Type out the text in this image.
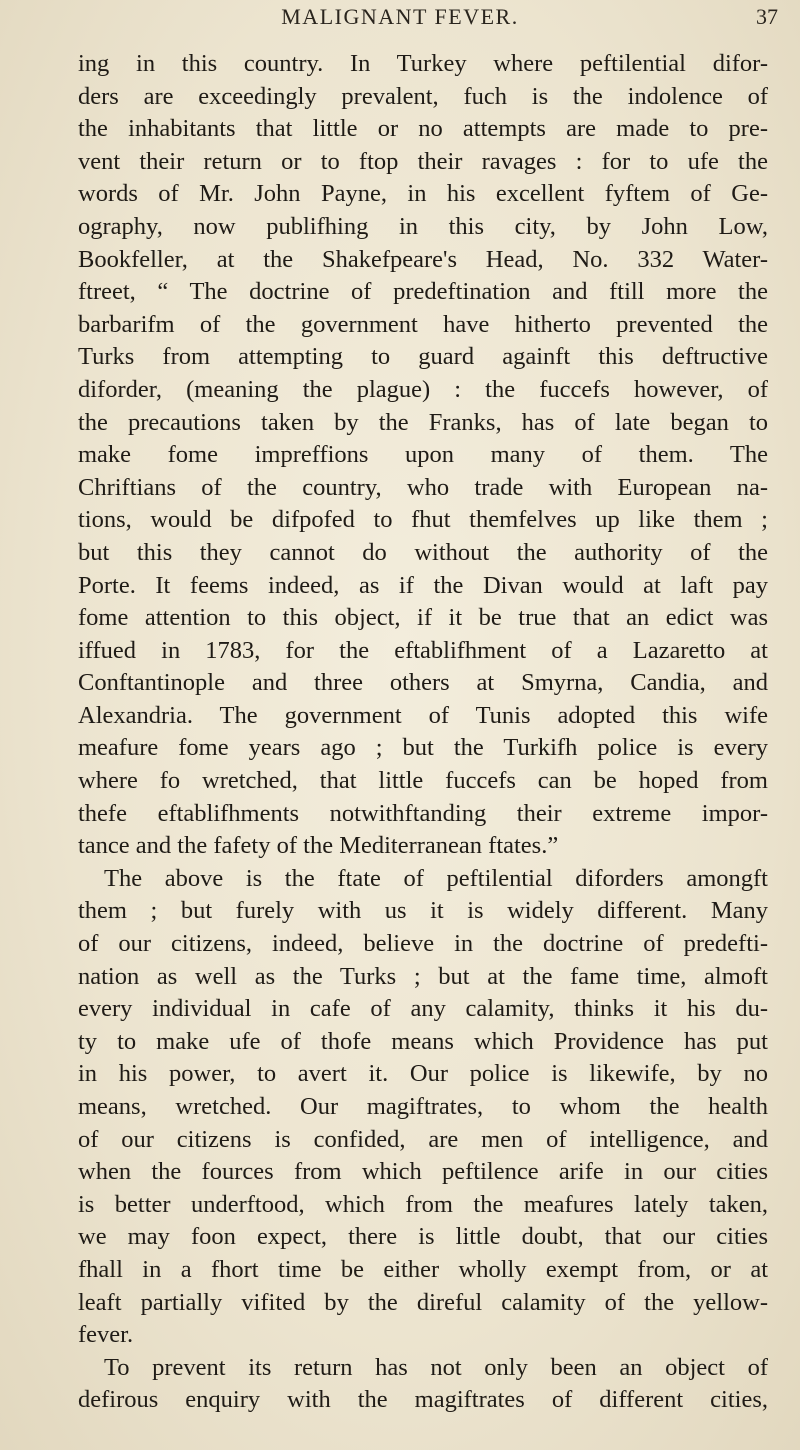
MALIGNANT FEVER.	37
ing in this country. In Turkey where peftilential difor-
ders are exceedingly prevalent, fuch is the indolence of
the inhabitants that little or no attempts are made to pre-
vent their return or to ftop their ravages : for to ufe the
words of Mr. John Payne, in his excellent fyftem of Ge-
ography, now publifhing in this city, by John Low,
Bookfeller, at the Shakefpeare's Head, No. 332 Water-
ftreet, “ The doctrine of predeftination and ftill more the
barbarifm of the government have hitherto prevented the
Turks from attempting to guard againft this deftructive
diforder, (meaning the plague) : the fuccefs however, of
the precautions taken by the Franks, has of late began to
make fome impreffions upon many of them. The
Chriftians of the country, who trade with European na-
tions, would be difpofed to fhut themfelves up like them ;
but this they cannot do without the authority of the
Porte. It feems indeed, as if the Divan would at laft pay
fome attention to this object, if it be true that an edict was
iffued in 1783, for the eftablifhment of a Lazaretto at
Conftantinople and three others at Smyrna, Candia, and
Alexandria. The government of Tunis adopted this wife
meafure fome years ago ; but the Turkifh police is every
where fo wretched, that little fuccefs can be hoped from
thefe eftablifhments notwithftanding their extreme impor-
tance and the fafety of the Mediterranean ftates.”
The above is the ftate of peftilential diforders amongft
them ; but furely with us it is widely different. Many
of our citizens, indeed, believe in the doctrine of predefti-
nation as well as the Turks ; but at the fame time, almoft
every individual in cafe of any calamity, thinks it his du-
ty to make ufe of thofe means which Providence has put
in his power, to avert it. Our police is likewife, by no
means, wretched. Our magiftrates, to whom the health
of our citizens is confided, are men of intelligence, and
when the fources from which peftilence arife in our cities
is better underftood, which from the meafures lately taken,
we may foon expect, there is little doubt, that our cities
fhall in a fhort time be either wholly exempt from, or at
leaft partially vifited by the direful calamity of the yellow-
fever.
To prevent its return has not only been an object of
defirous enquiry with the magiftrates of different cities,
